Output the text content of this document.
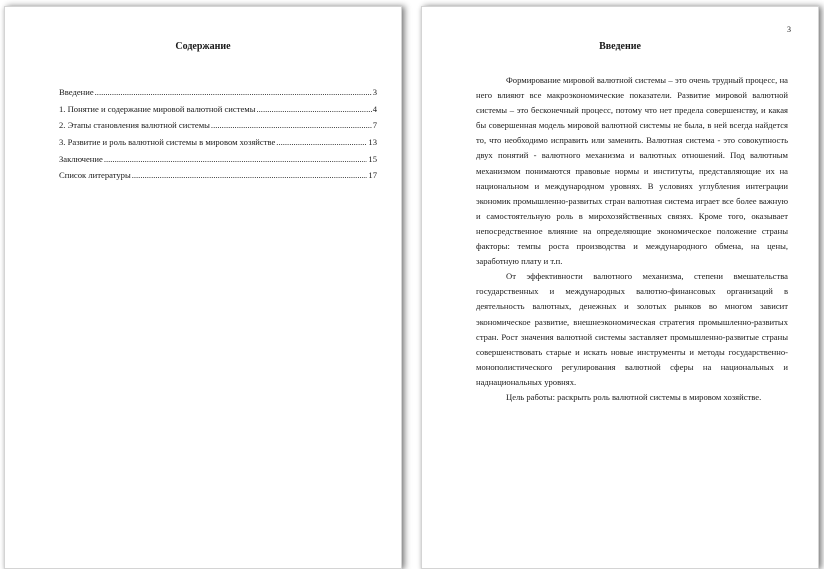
Содержание
Введение .....	3
1. Понятие и содержание мировой валютной системы .....	4
2. Этапы становления валютной системы .....	7
3. Развитие и роль валютной системы в мировом хозяйстве .....	13
Заключение .....	15
Список литературы .....	17
3
Введение

Формирование мировой валютной системы – это очень трудный процесс, на него влияют все макроэкономические показатели. Развитие мировой валютной системы – это бесконечный процесс, потому что нет предела совершенству, и какая бы совершенная модель мировой валютной системы не была, в ней всегда найдется то, что необходимо исправить или заменить. Валютная система - это совокупность двух понятий - валютного механизма и валютных отношений. Под валютным механизмом понимаются правовые нормы и институты, представляющие их на национальном и международном уровнях. В условиях углубления интеграции экономик промышленно-развитых стран валютная система играет все более важную и самостоятельную роль в мирохозяйственных связях. Кроме того, оказывает непосредственное влияние на определяющие экономическое положение страны факторы: темпы роста производства и международного обмена, на цены, заработную плату и т.п.

От эффективности валютного механизма, степени вмешательства государственных и международных валютно-финансовых организаций в деятельность валютных, денежных и золотых рынков во многом зависит экономическое развитие, внешнеэкономическая стратегия промышленно-развитых стран. Рост значения валютной системы заставляет промышленно-развитые страны совершенствовать старые и искать новые инструменты и методы государственно-монополистического регулирования валютной сферы на национальных и наднациональных уровнях.

Цель работы: раскрыть роль валютной системы в мировом хозяйстве.
